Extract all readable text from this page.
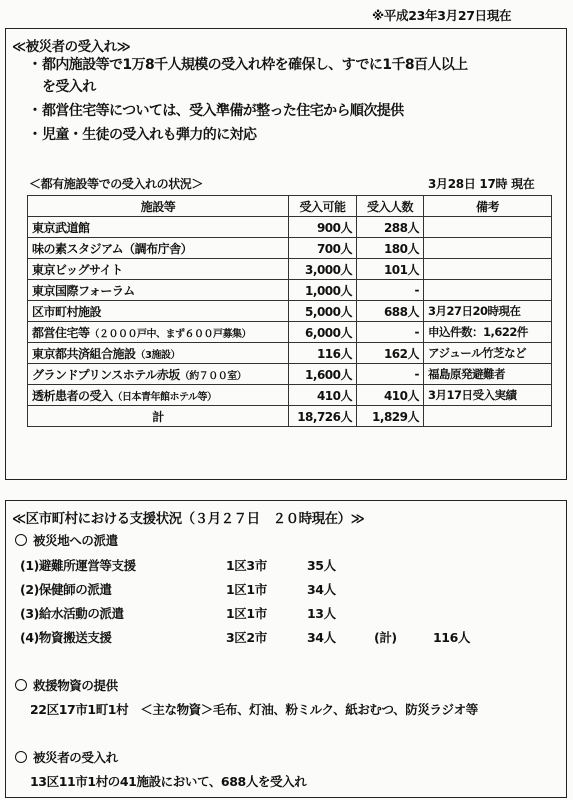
※平成23年3月27日現在
≪被災者の受入れ≫
・都内施設等で1万8千人規模の受入れ枠を確保し、すでに1千8百人以上
を受入れ
・都営住宅等については、受入準備が整った住宅から順次提供
・児童・生徒の受入れも弾力的に対応
＜都有施設等での受入れの状況＞	3月28日 17時 現在
施設等	受入可能	受入人数	備考
東京武道館	900人	288人	
味の素スタジアム（調布庁舎）	700人	180人	
東京ビッグサイト	3,000人	101人	
東京国際フォーラム	1,000人	-	
区市町村施設	5,000人	688人	3月27日20時現在
都営住宅等（２０００戸中、まず６００戸募集）	6,000人	-	申込件数：1,622件
東京都共済組合施設（3施設）	116人	162人	アジュール竹芝など
グランドプリンスホテル赤坂（約７００室）	1,600人	-	福島原発避難者
透析患者の受入（日本青年館ホテル等）	410人	410人	3月17日受入実績
計	18,726人	1,829人	
≪区市町村における支援状況（３月２７日　２０時現在）≫
被災地への派遣
(1)避難所運営等支援	1区3市	35人
(2)保健師の派遣	1区1市	34人
(3)給水活動の派遣	1区1市	13人
(4)物資搬送支援	3区2市	34人	(計)	116人
救援物資の提供
22区17市1町1村　＜主な物資＞毛布、灯油、粉ミルク、紙おむつ、防災ラジオ等
被災者の受入れ
13区11市1村の41施設において、688人を受入れ
